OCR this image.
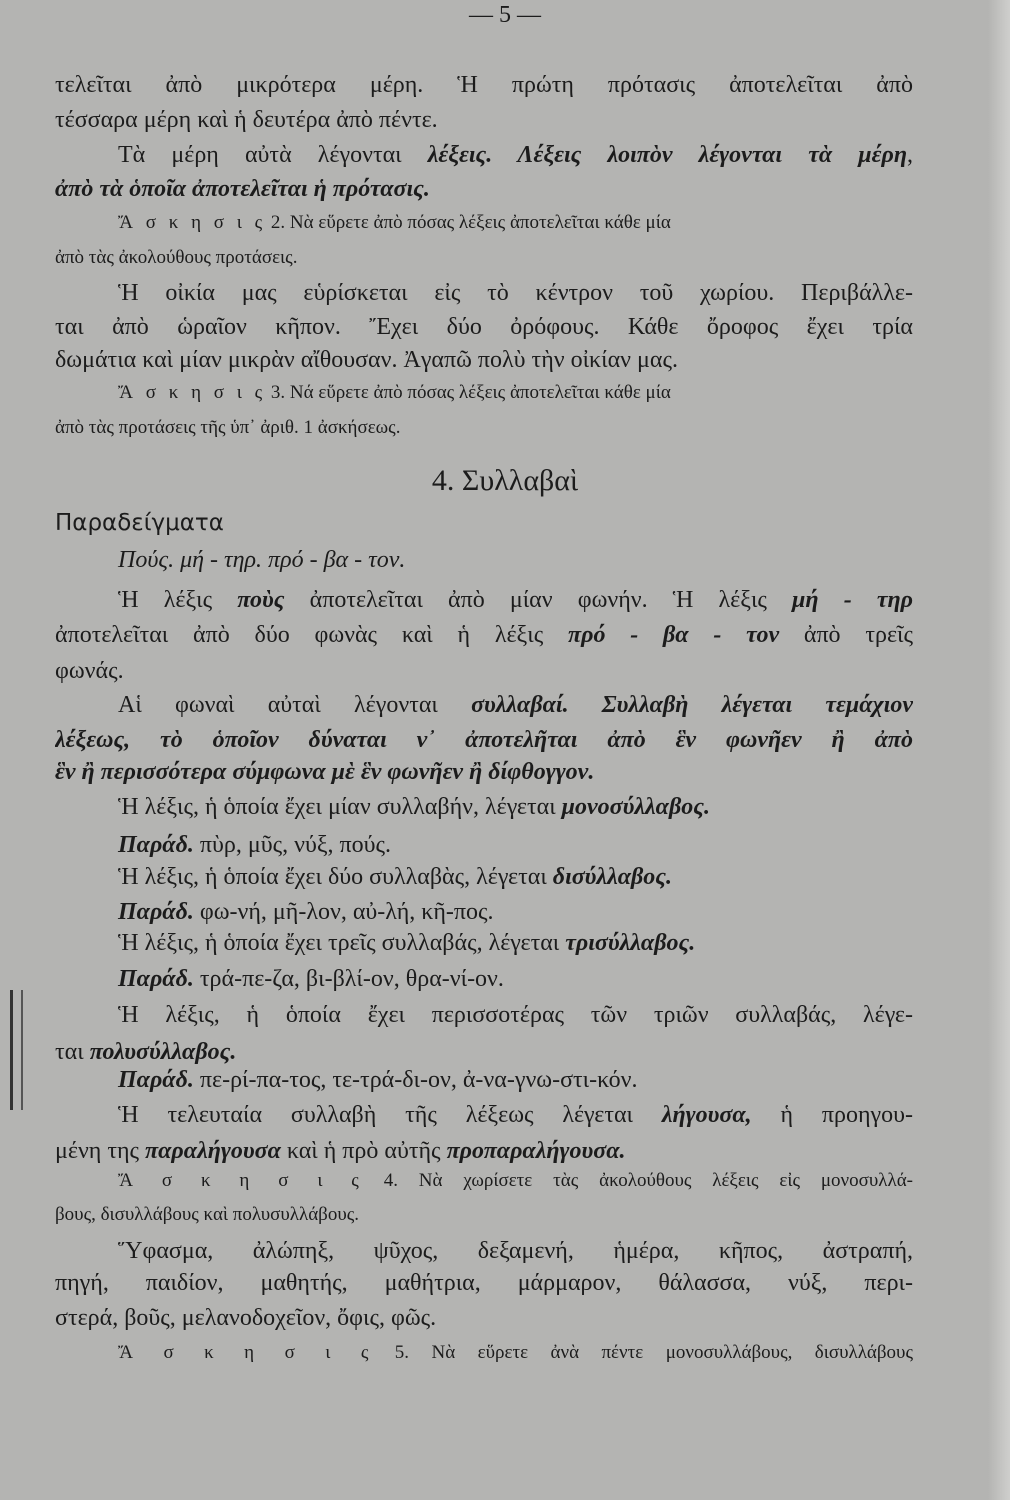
— 5 —
τελεῖται ἀπὸ μικρότερα μέρη. Ἡ πρώτη πρότασις ἀποτελεῖται ἀπὸ
τέσσαρα μέρη καὶ ἡ δευτέρα ἀπὸ πέντε.
Τὰ μέρη αὐτὰ λέγονται λέξεις. Λέξεις λοιπὸν λέγονται τὰ μέρη,
ἀπὸ τὰ ὁποῖα ἀποτελεῖται ἡ πρότασις.
Ἄ σ κ η σ ι ς 2. Νὰ εὕρετε ἀπὸ πόσας λέξεις ἀποτελεῖται κάθε μία
ἀπὸ τὰς ἀκολούθους προτάσεις.
Ἡ οἰκία μας εὑρίσκεται εἰς τὸ κέντρον τοῦ χωρίου. Περιβάλλε-
ται ἀπὸ ὡραῖον κῆπον. Ἔχει δύο ὀρόφους. Κάθε ὄροφος ἔχει τρία
δωμάτια καὶ μίαν μικρὰν αἴθουσαν. Ἀγαπῶ πολὺ τὴν οἰκίαν μας.
Ἄ σ κ η σ ι ς 3. Νά εὕρετε ἀπὸ πόσας λέξεις ἀποτελεῖται κάθε μία
ἀπὸ τὰς προτάσεις τῆς ὑπ᾽ ἀριθ. 1 ἀσκήσεως.
4. Συλλαβαὶ
Παραδείγματα
Πούς. μή - τηρ. πρό - βα - τον.
Ἡ λέξις ποὺς ἀποτελεῖται ἀπὸ μίαν φωνήν. Ἡ λέξις μή - τηρ
ἀποτελεῖται ἀπὸ δύο φωνὰς καὶ ἡ λέξις πρό - βα - τον ἀπὸ τρεῖς
φωνάς.
Αἱ φωναὶ αὐταὶ λέγονται συλλαβαί. Συλλαβὴ λέγεται τεμάχιον
λέξεως, τὸ ὁποῖον δύναται ν᾽ ἀποτελῆται ἀπὸ ἓν φωνῆεν ἢ ἀπὸ
ἓν ἢ περισσότερα σύμφωνα μὲ ἓν φωνῆεν ἢ δίφθογγον.
Ἡ λέξις, ἡ ὁποία ἔχει μίαν συλλαβήν, λέγεται μονοσύλλαβος.
Παράδ. πὺρ, μῦς, νύξ, πούς.
Ἡ λέξις, ἡ ὁποία ἔχει δύο συλλαβὰς, λέγεται δισύλλαβος.
Παράδ. φω-νή, μῆ-λον, αὐ-λή, κῆ-πος.
Ἡ λέξις, ἡ ὁποία ἔχει τρεῖς συλλαβάς, λέγεται τρισύλλαβος.
Παράδ. τρά-πε-ζα, βι-βλί-ον, θρα-νί-ον.
Ἡ λέξις, ἡ ὁποία ἔχει περισσοτέρας τῶν τριῶν συλλαβάς, λέγε-
ται πολυσύλλαβος.
Παράδ. πε-ρί-πα-τος, τε-τρά-δι-ον, ἀ-να-γνω-στι-κόν.
Ἡ τελευταία συλλαβὴ τῆς λέξεως λέγεται λήγουσα, ἡ προηγου-
μένη της παραλήγουσα καὶ ἡ πρὸ αὐτῆς προπαραλήγουσα.
Ἄ σ κ η σ ι ς 4. Νὰ χωρίσετε τὰς ἀκολούθους λέξεις εἰς μονοσυλλά-
βους, δισυλλάβους καὶ πολυσυλλάβους.
Ὕφασμα, ἀλώπηξ, ψῦχος, δεξαμενή, ἡμέρα, κῆπος, ἀστραπή,
πηγή, παιδίον, μαθητής, μαθήτρια, μάρμαρον, θάλασσα, νύξ, περι-
στερά, βοῦς, μελανοδοχεῖον, ὄφις, φῶς.
Ἄ σ κ η σ ι ς 5. Νὰ εὕρετε ἀνὰ πέντε μονοσυλλάβους, δισυλλάβους
